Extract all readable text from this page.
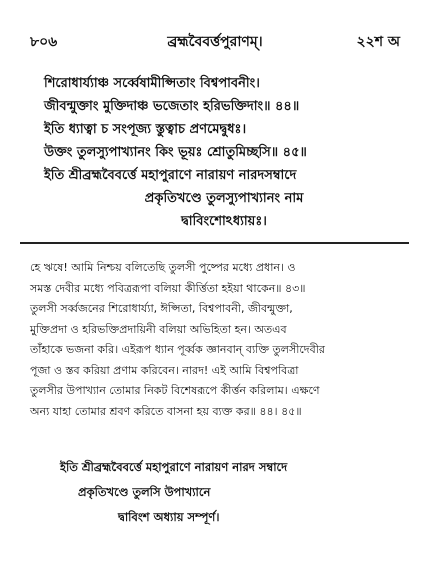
৮০৬	ব্রহ্মবৈবর্ত্তপুরাণম্।	২২শ অ
শিরোধার্য্যাঞ্চ সর্ব্বেষামীপ্সিতাং বিশ্বপাবনীং।
জীবন্মুক্তাং মুক্তিদাঞ্চ ভজেতাং হরিভক্তিদাং॥ ৪৪॥
ইতি ধ্যাত্বা চ সংপূজ্য স্তুত্বাচ প্রণমেদ্বুধঃ।
উক্তং তুলস্যুপাখ্যানং কিং ভূয়ঃ শ্রোতুমিচ্ছসি॥ ৪৫॥
ইতি শ্রীব্রহ্মবৈবর্ত্তে মহাপুরাণে নারায়ণ নারদসম্বাদে
প্রকৃতিখণ্ডে তুলস্যুপাখ্যানং নাম
দ্বাবিংশোঽধ্যায়ঃ।
হে ঋষে! আমি নিশ্চয় বলিতেছি তুলসী পুষ্পের মধ্যে প্রধান। ও
সমস্ত দেবীর মধ্যে পবিত্ররূপা বলিয়া কীর্ত্তিতা হইয়া থাকেন॥ ৪৩॥
তুলসী সর্ব্বজনের শিরোধার্য্যা, ঈপ্সিতা, বিশ্বপাবনী, জীবন্মুক্তা,
মুক্তিপ্রদা ও হরিভক্তিপ্রদায়িনী বলিয়া অভিহিতা হন। অতএব
তাঁহাকে ভজনা করি। এইরূপ ধ্যান পূর্ব্বক জ্ঞানবান্ ব্যক্তি তুলসীদেবীর
পূজা ও স্তব করিয়া প্রণাম করিবেন। নারদ! এই আমি বিশ্বপবিত্রা
তুলসীর উপাখ্যান তোমার নিকট বিশেষরূপে কীর্ত্তন করিলাম। এক্ষণে
অন্য যাহা তোমার শ্রবণ করিতে বাসনা হয় ব্যক্ত কর॥ ৪৪। ৪৫॥
ইতি শ্রীব্রহ্মবৈবর্ত্তে মহাপুরাণে নারায়ণ নারদ সম্বাদে
প্রকৃতিখণ্ডে তুলসি উপাখ্যানে
দ্বাবিংশ অধ্যায় সম্পূর্ণ।
